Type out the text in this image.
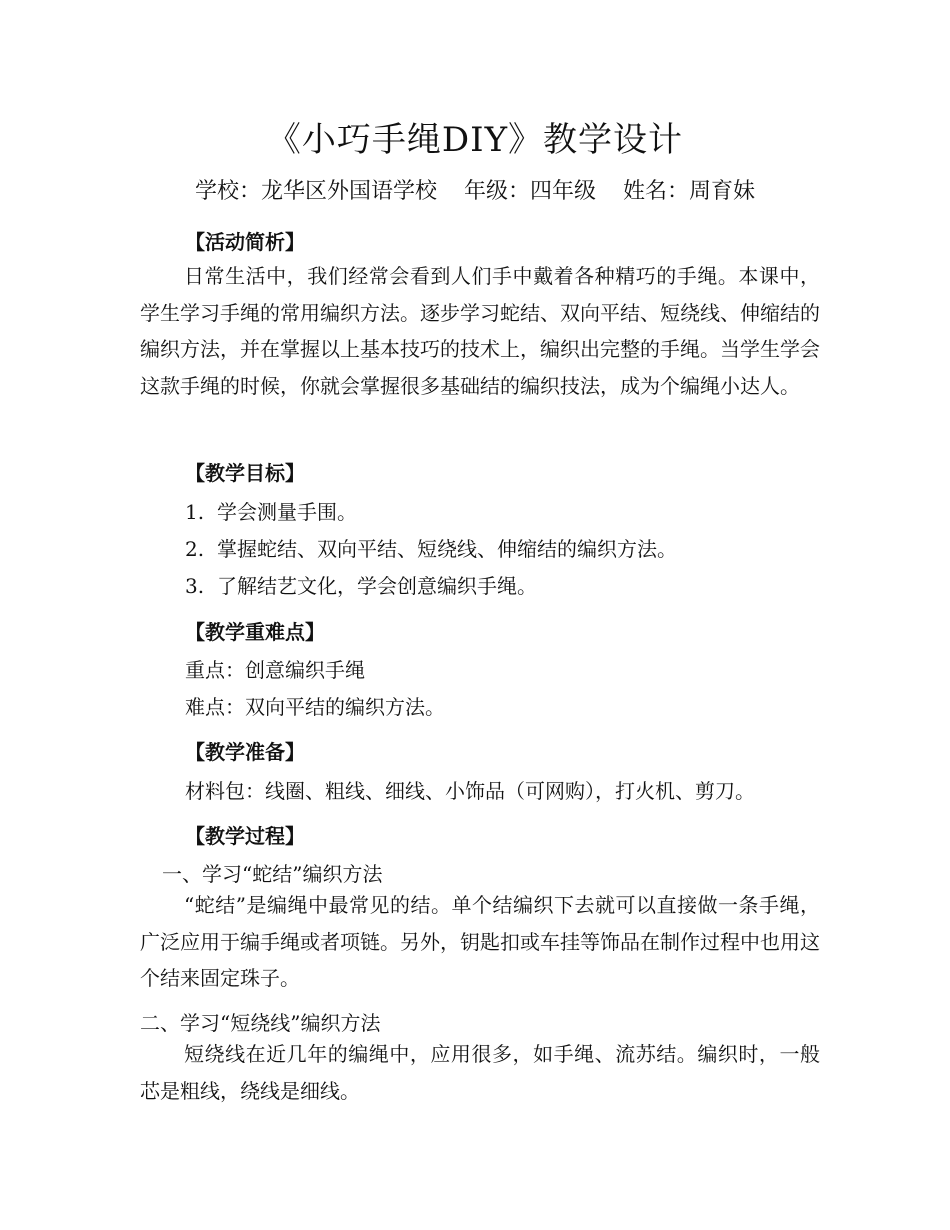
《小巧手绳DIY》教学设计
学校：龙华区外国语学校 年级：四年级 姓名：周育妹
【活动简析】
日常生活中，我们经常会看到人们手中戴着各种精巧的手绳。本课中，学生学习手绳的常用编织方法。逐步学习蛇结、双向平结、短绕线、伸缩结的编织方法，并在掌握以上基本技巧的技术上，编织出完整的手绳。当学生学会这款手绳的时候，你就会掌握很多基础结的编织技法，成为个编绳小达人。
【教学目标】
1. 学会测量手围。
2. 掌握蛇结、双向平结、短绕线、伸缩结的编织方法。
3. 了解结艺文化，学会创意编织手绳。
【教学重难点】
重点：创意编织手绳
难点：双向平结的编织方法。
【教学准备】
材料包：线圈、粗线、细线、小饰品（可网购），打火机、剪刀。
【教学过程】
一、学习“蛇结”编织方法
“蛇结”是编绳中最常见的结。单个结编织下去就可以直接做一条手绳，广泛应用于编手绳或者项链。另外，钥匙扣或车挂等饰品在制作过程中也用这个结来固定珠子。
二、学习“短绕线”编织方法
短绕线在近几年的编绳中，应用很多，如手绳、流苏结。编织时，一般芯是粗线，绕线是细线。
